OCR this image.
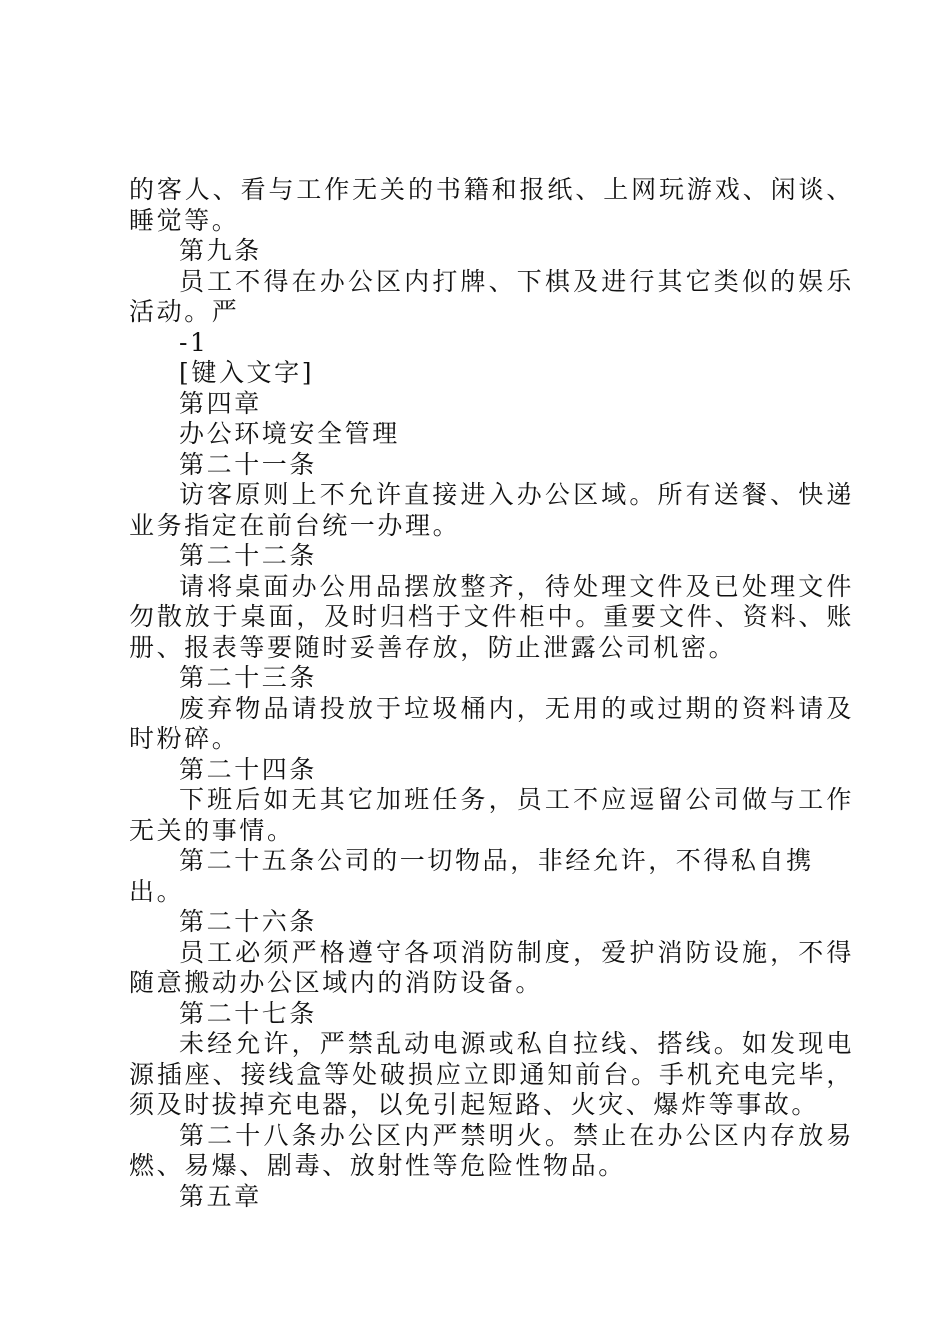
的客人、看与工作无关的书籍和报纸、上网玩游戏、闲谈、睡觉等。

第九条

员工不得在办公区内打牌、下棋及进行其它类似的娱乐活动。严

-1

[键入文字]

第四章

办公环境安全管理

第二十一条

访客原则上不允许直接进入办公区域。所有送餐、快递业务指定在前台统一办理。

第二十二条

请将桌面办公用品摆放整齐，待处理文件及已处理文件勿散放于桌面，及时归档于文件柜中。重要文件、资料、账册、报表等要随时妥善存放，防止泄露公司机密。

第二十三条

废弃物品请投放于垃圾桶内，无用的或过期的资料请及时粉碎。

第二十四条

下班后如无其它加班任务，员工不应逗留公司做与工作无关的事情。

第二十五条公司的一切物品，非经允许，不得私自携出。

第二十六条

员工必须严格遵守各项消防制度，爱护消防设施，不得随意搬动办公区域内的消防设备。

第二十七条

未经允许，严禁乱动电源或私自拉线、搭线。如发现电源插座、接线盒等处破损应立即通知前台。手机充电完毕，须及时拔掉充电器，以免引起短路、火灾、爆炸等事故。

第二十八条办公区内严禁明火。禁止在办公区内存放易燃、易爆、剧毒、放射性等危险性物品。

第五章
